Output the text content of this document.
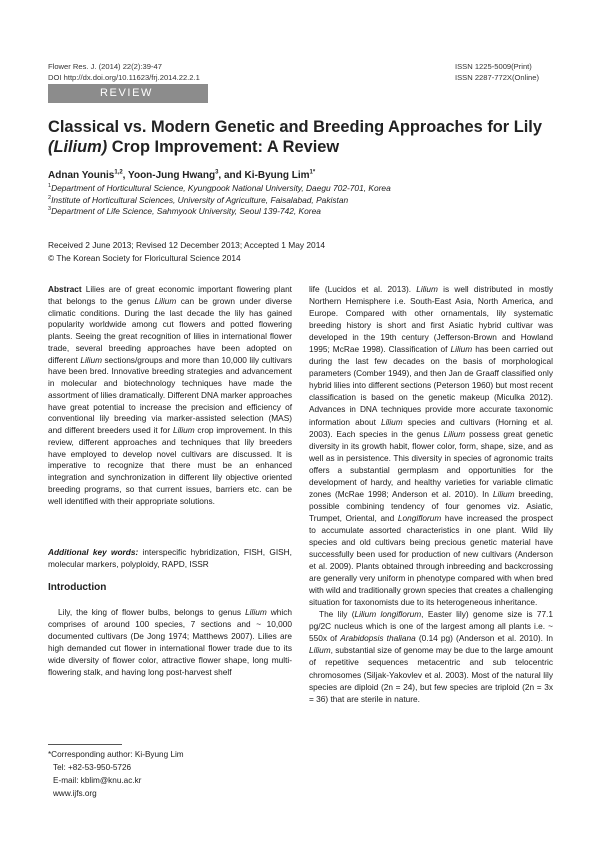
Flower Res. J. (2014) 22(2):39-47
DOI http://dx.doi.org/10.11623/frj.2014.22.2.1
ISSN 1225-5009(Print)
ISSN 2287-772X(Online)
REVIEW
Classical vs. Modern Genetic and Breeding Approaches for Lily
(Lilium) Crop Improvement: A Review
Adnan Younis$^{1,2}$, Yoon-Jung Hwang$^3$, and Ki-Byung Lim$^{1*}$
$^1$Department of Horticultural Science, Kyungpook National University, Daegu 702-701, Korea
$^2$Institute of Horticultural Sciences, University of Agriculture, Faisalabad, Pakistan
$^3$Department of Life Science, Sahmyook University, Seoul 139-742, Korea
Received 2 June 2013; Revised 12 December 2013; Accepted 1 May 2014
© The Korean Society for Floricultural Science 2014

Abstract Lilies are of great economic important flowering plant that belongs to the genus Lilium can be grown under diverse climatic conditions. During the last decade the lily has gained popularity worldwide among cut flowers and potted flowering plants. Seeing the great recognition of lilies in international flower trade, several breeding approaches have been adopted on different Lilium sections/groups and more than 10,000 lily cultivars have been bred. Innovative breeding strategies and advancement in molecular and biotechnology techniques have made the assortment of lilies dramatically. Different DNA marker approaches have great potential to increase the precision and efficiency of conventional lily breeding via marker-assisted selection (MAS) and different breeders used it for Lilium crop improvement. In this review, different approaches and techniques that lily breeders have employed to develop novel cultivars are discussed. It is imperative to recognize that there must be an enhanced integration and synchronization in different lily objective oriented breeding programs, so that current issues, barriers etc. can be well identified with their appropriate solutions.

Additional key words: interspecific hybridization, FISH, GISH, molecular markers, polyploidy, RAPD, ISSR
Introduction
Lily, the king of flower bulbs, belongs to genus Lilium which comprises of around 100 species, 7 sections and ~ 10,000 documented cultivars (De Jong 1974; Matthews 2007). Lilies are high demanded cut flower in international flower trade due to its wide diversity of flower color, attractive flower shape, long multi-flowering stalk, and having long post-harvest shelf

life (Lucidos et al. 2013). Lilium is well distributed in mostly Northern Hemisphere i.e. South-East Asia, North America, and Europe. Compared with other ornamentals, lily systematic breeding history is short and first Asiatic hybrid cultivar was developed in the 19th century (Jefferson-Brown and Howland 1995; McRae 1998). Classification of Lilium has been carried out during the last few decades on the basis of morphological parameters (Comber 1949), and then Jan de Graaff classified only hybrid lilies into different sections (Peterson 1960) but most recent classification is based on the genetic makeup (Miculka 2012). Advances in DNA techniques provide more accurate taxonomic information about Lilium species and cultivars (Horning et al. 2003). Each species in the genus Lilium possess great genetic diversity in its growth habit, flower color, form, shape, size, and as well as in persistence. This diversity in species of agronomic traits offers a substantial germplasm and opportunities for the development of hardy, and healthy varieties for variable climatic zones (McRae 1998; Anderson et al. 2010). In Lilium breeding, possible combining tendency of four genomes viz. Asiatic, Trumpet, Oriental, and Longiflorum have increased the prospect to accumulate assorted characteristics in one plant. Wild lily species and old cultivars being precious genetic material have successfully been used for production of new cultivars (Anderson et al. 2009). Plants obtained through inbreeding and backcrossing are generally very uniform in phenotype compared with when bred with wild and traditionally grown species that creates a challenging situation for taxonomists due to its heterogeneous inheritance.

The lily (Lilium longiflorum, Easter lily) genome size is 77.1 pg/2C nucleus which is one of the largest among all plants i.e. ~ 550x of Arabidopsis thaliana (0.14 pg) (Anderson et al. 2010). In Lilium, substantial size of genome may be due to the large amount of repetitive sequences metacentric and sub telocentric chromosomes (Siljak-Yakovlev et al. 2003). Most of the natural lily species are diploid (2n = 24), but few species are triploid (2n = 3x = 36) that are sterile in nature.

*Corresponding author: Ki-Byung Lim
Tel: +82-53-950-5726
E-mail: kblim@knu.ac.kr
www.ijfs.org
